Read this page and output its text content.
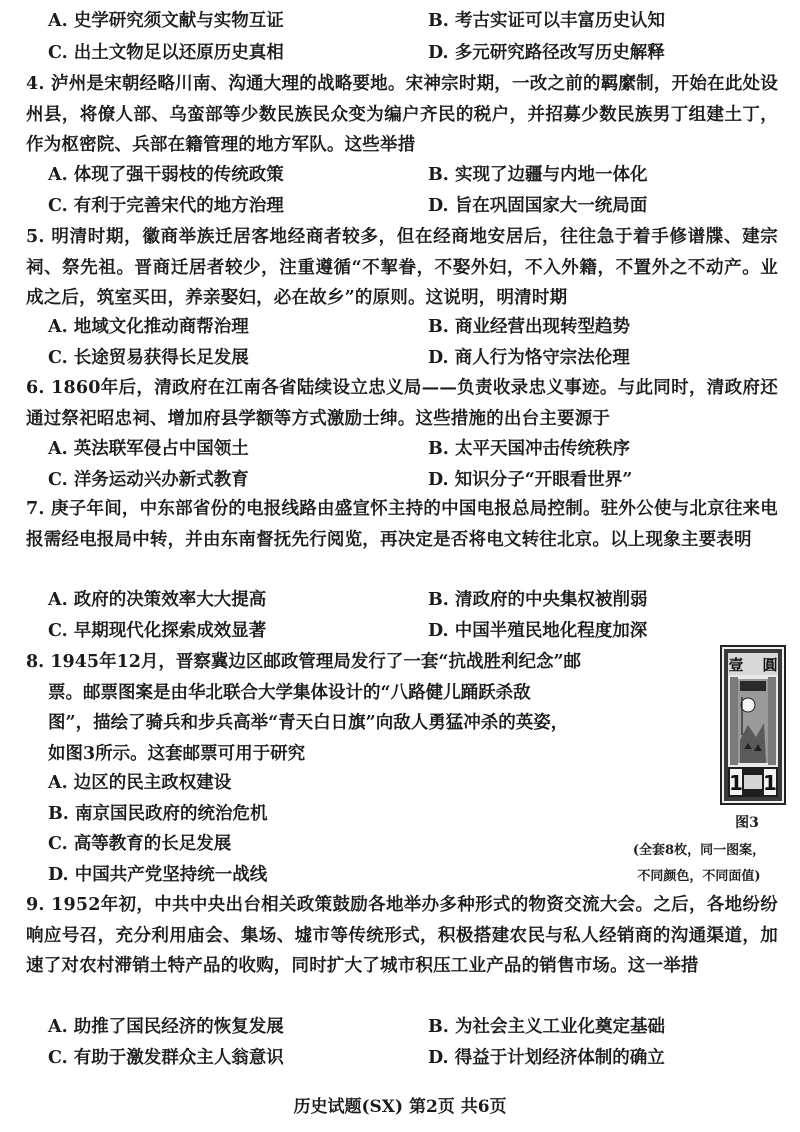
A. 史学研究须文献与实物互证	B. 考古实证可以丰富历史认知
C. 出土文物足以还原历史真相	D. 多元研究路径改写历史解释
4. 泸州是宋朝经略川南、沟通大理的战略要地。宋神宗时期，一改之前的羁縻制，开始在此处设州县，将僚人部、乌蛮部等少数民族民众变为编户齐民的税户，并招募少数民族男丁组建土丁，作为枢密院、兵部在籍管理的地方军队。这些举措
A. 体现了强干弱枝的传统政策	B. 实现了边疆与内地一体化
C. 有利于完善宋代的地方治理	D. 旨在巩固国家大一统局面
5. 明清时期，徽商举族迁居客地经商者较多，但在经商地安居后，往往急于着手修谱牒、建宗祠、祭先祖。晋商迁居者较少，注重遵循“不挈眷，不娶外妇，不入外籍，不置外之不动产。业成之后，筑室买田，养亲娶妇，必在故乡”的原则。这说明，明清时期
A. 地域文化推动商帮治理	B. 商业经营出现转型趋势
C. 长途贸易获得长足发展	D. 商人行为恪守宗法伦理
6. 1860年后，清政府在江南各省陆续设立忠义局——负责收录忠义事迹。与此同时，清政府还通过祭祀昭忠祠、增加府县学额等方式激励士绅。这些措施的出台主要源于
A. 英法联军侵占中国领土	B. 太平天国冲击传统秩序
C. 洋务运动兴办新式教育	D. 知识分子“开眼看世界”
7. 庚子年间，中东部省份的电报线路由盛宣怀主持的中国电报总局控制。驻外公使与北京往来电报需经电报局中转，并由东南督抚先行阅览，再决定是否将电文转往北京。以上现象主要表明
A. 政府的决策效率大大提高	B. 清政府的中央集权被削弱
C. 早期现代化探索成效显著	D. 中国半殖民地化程度加深
8. 1945年12月，晋察冀边区邮政管理局发行了一套“抗战胜利纪念”邮
票。邮票图案是由华北联合大学集体设计的“八路健儿踊跃杀敌
图”，描绘了骑兵和步兵高举“青天白日旗”向敌人勇猛冲杀的英姿，
如图3所示。这套邮票可用于研究
A. 边区的民主政权建设
B. 南京国民政府的统治危机
C. 高等教育的长足发展
D. 中国共产党坚持统一战线
壹 圓
1 1
图3
(全套8枚，同一图案，
不同颜色，不同面值)
9. 1952年初，中共中央出台相关政策鼓励各地举办多种形式的物资交流大会。之后，各地纷纷响应号召，充分利用庙会、集场、墟市等传统形式，积极搭建农民与私人经销商的沟通渠道，加速了对农村滞销土特产品的收购，同时扩大了城市积压工业产品的销售市场。这一举措
A. 助推了国民经济的恢复发展	B. 为社会主义工业化奠定基础
C. 有助于激发群众主人翁意识	D. 得益于计划经济体制的确立
历史试题(SX) 第2页 共6页
